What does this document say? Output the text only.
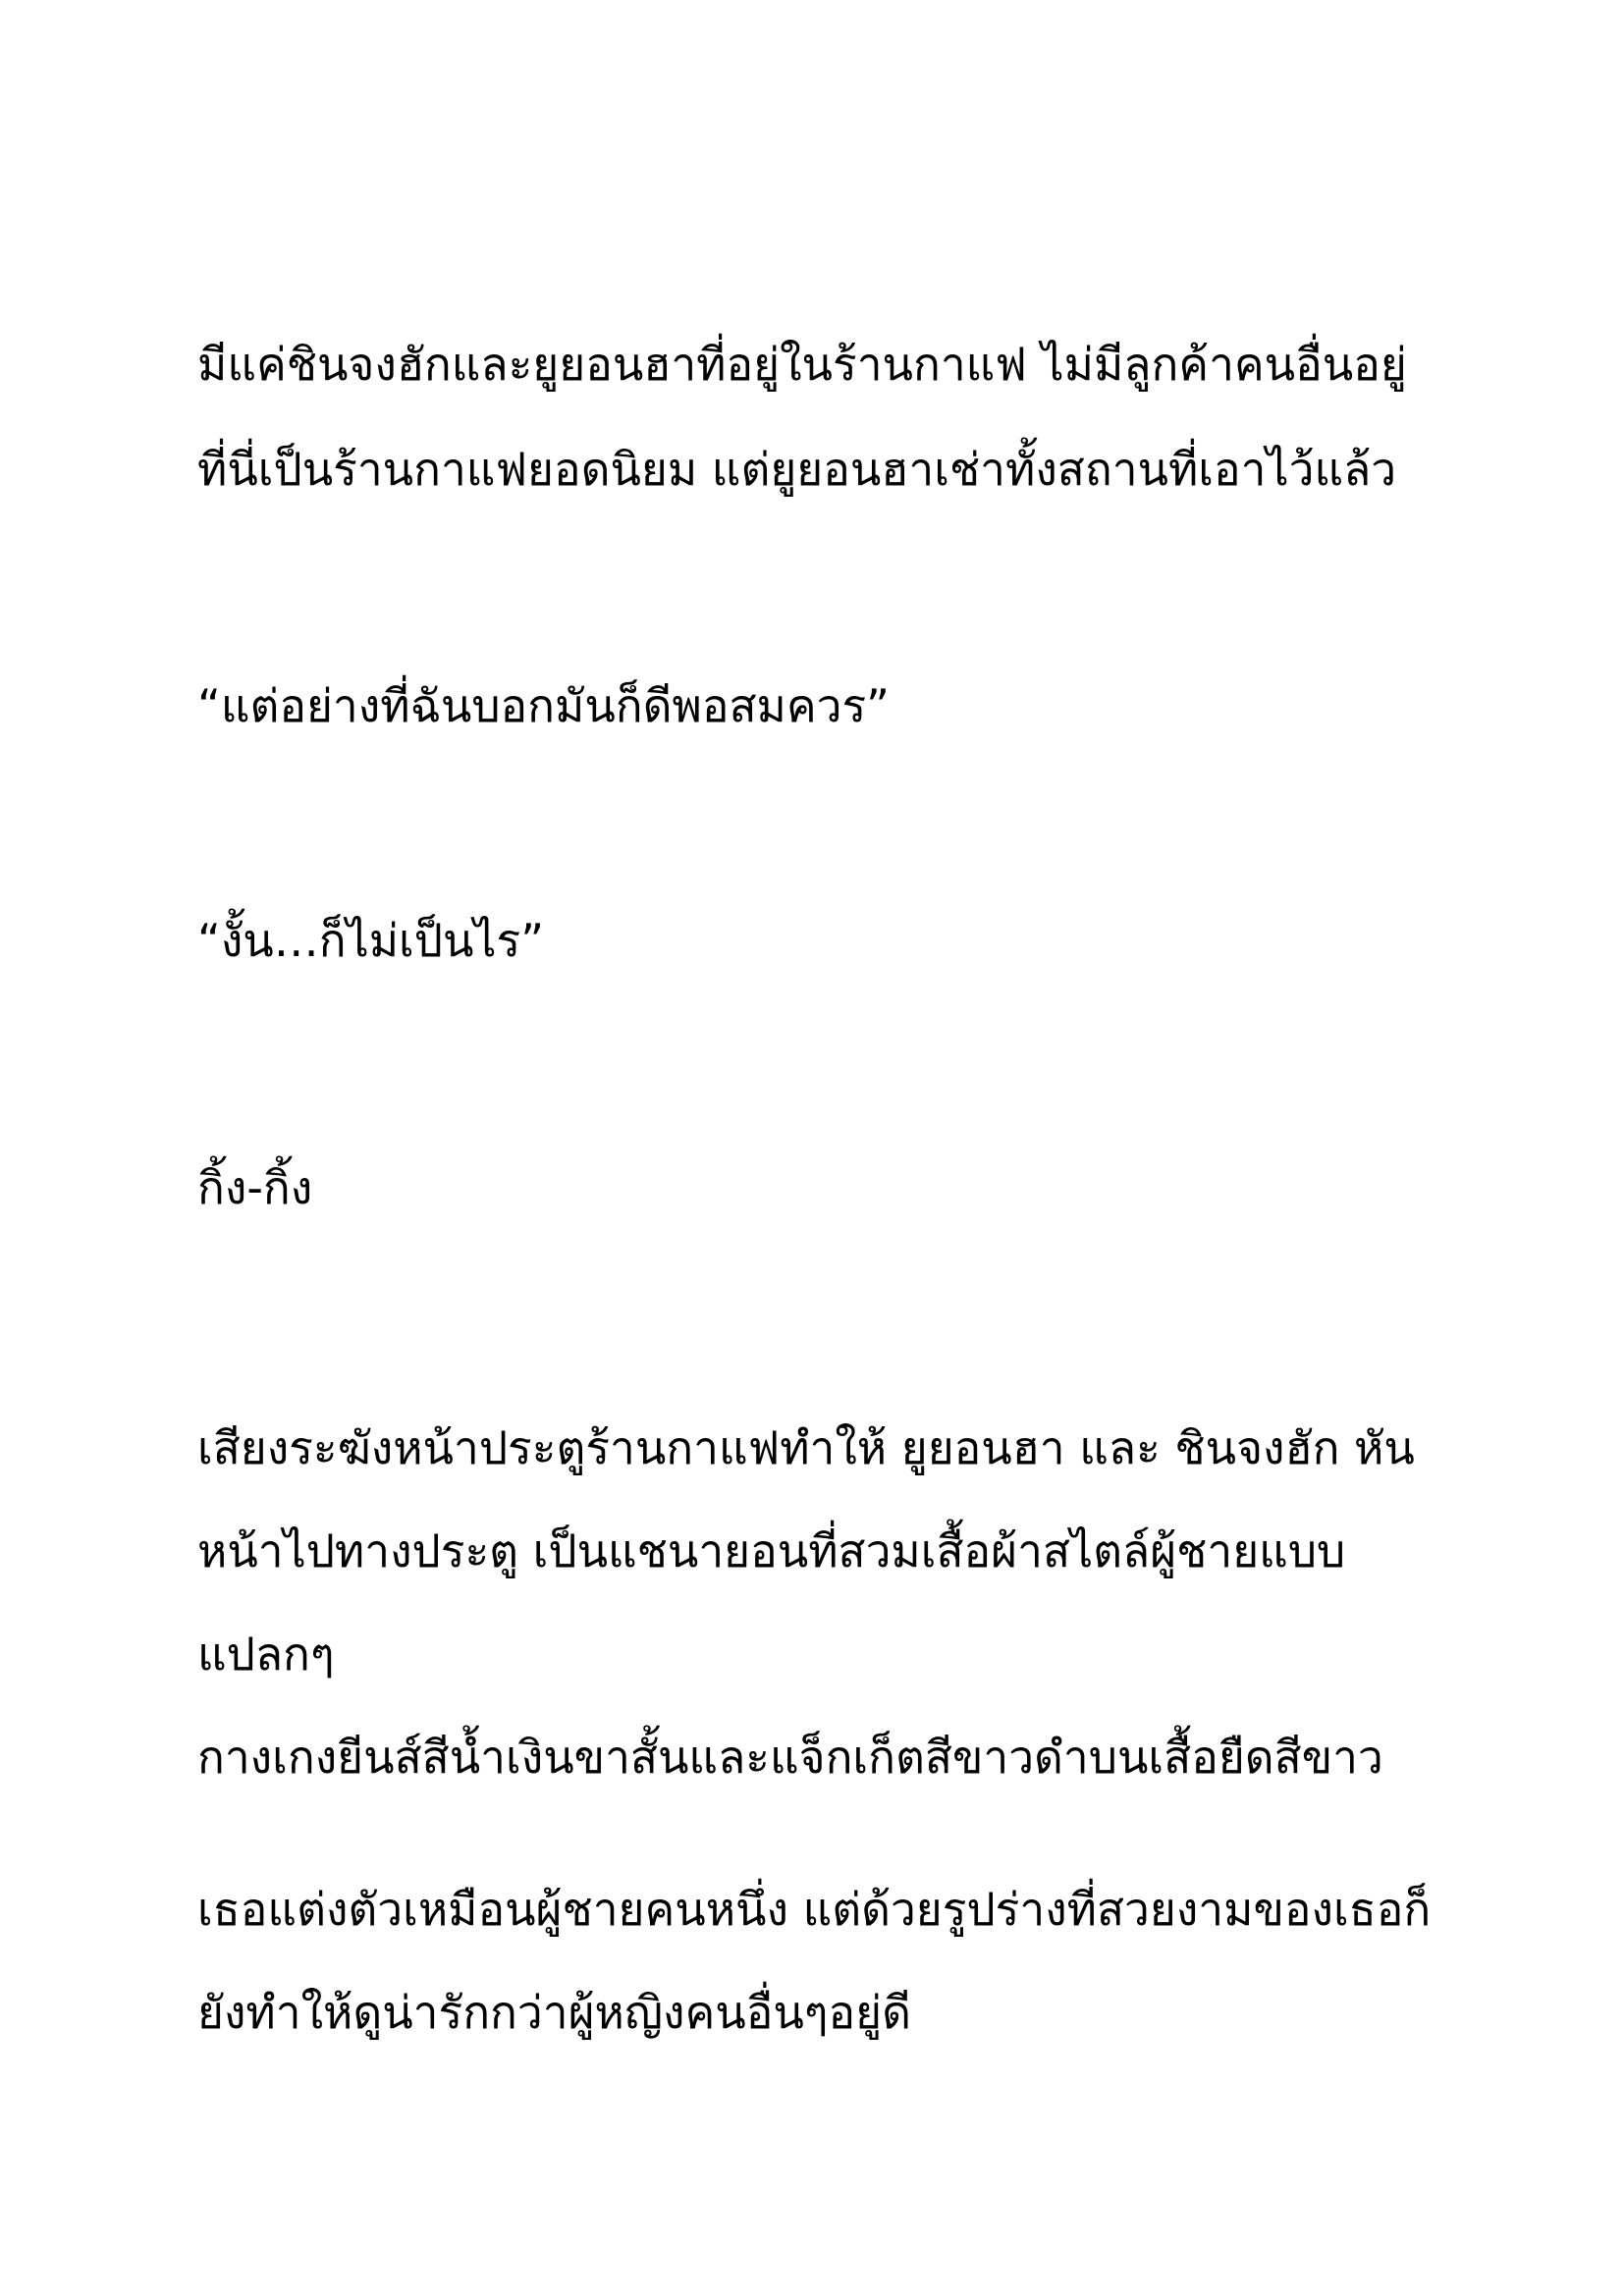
มีแค่ชินจงฮักและยูยอนฮาที่อยู่ในร้านกาแฟ ไม่มีลูกค้าคนอื่นอยู่

ที่นี่เป็นร้านกาแฟยอดนิยม แต่ยูยอนฮาเช่าทั้งสถานที่เอาไว้แล้ว

“แต่อย่างที่ฉันบอกมันก็ดีพอสมควร”

“งั้น…ก็ไม่เป็นไร”

กิ้ง-กิ้ง

เสียงระฆังหน้าประตูร้านกาแฟทำให้ ยูยอนฮา และ ชินจงฮัก หัน

หน้าไปทางประตู เป็นแชนายอนที่สวมเสื้อผ้าสไตล์ผู้ชายแบบ

แปลกๆ

กางเกงยีนส์สีน้ำเงินขาสั้นและแจ็กเก็ตสีขาวดำบนเสื้อยืดสีขาว

เธอแต่งตัวเหมือนผู้ชายคนหนึ่ง แต่ด้วยรูปร่างที่สวยงามของเธอก็

ยังทำให้ดูน่ารักกว่าผู้หญิงคนอื่นๆอยู่ดี
